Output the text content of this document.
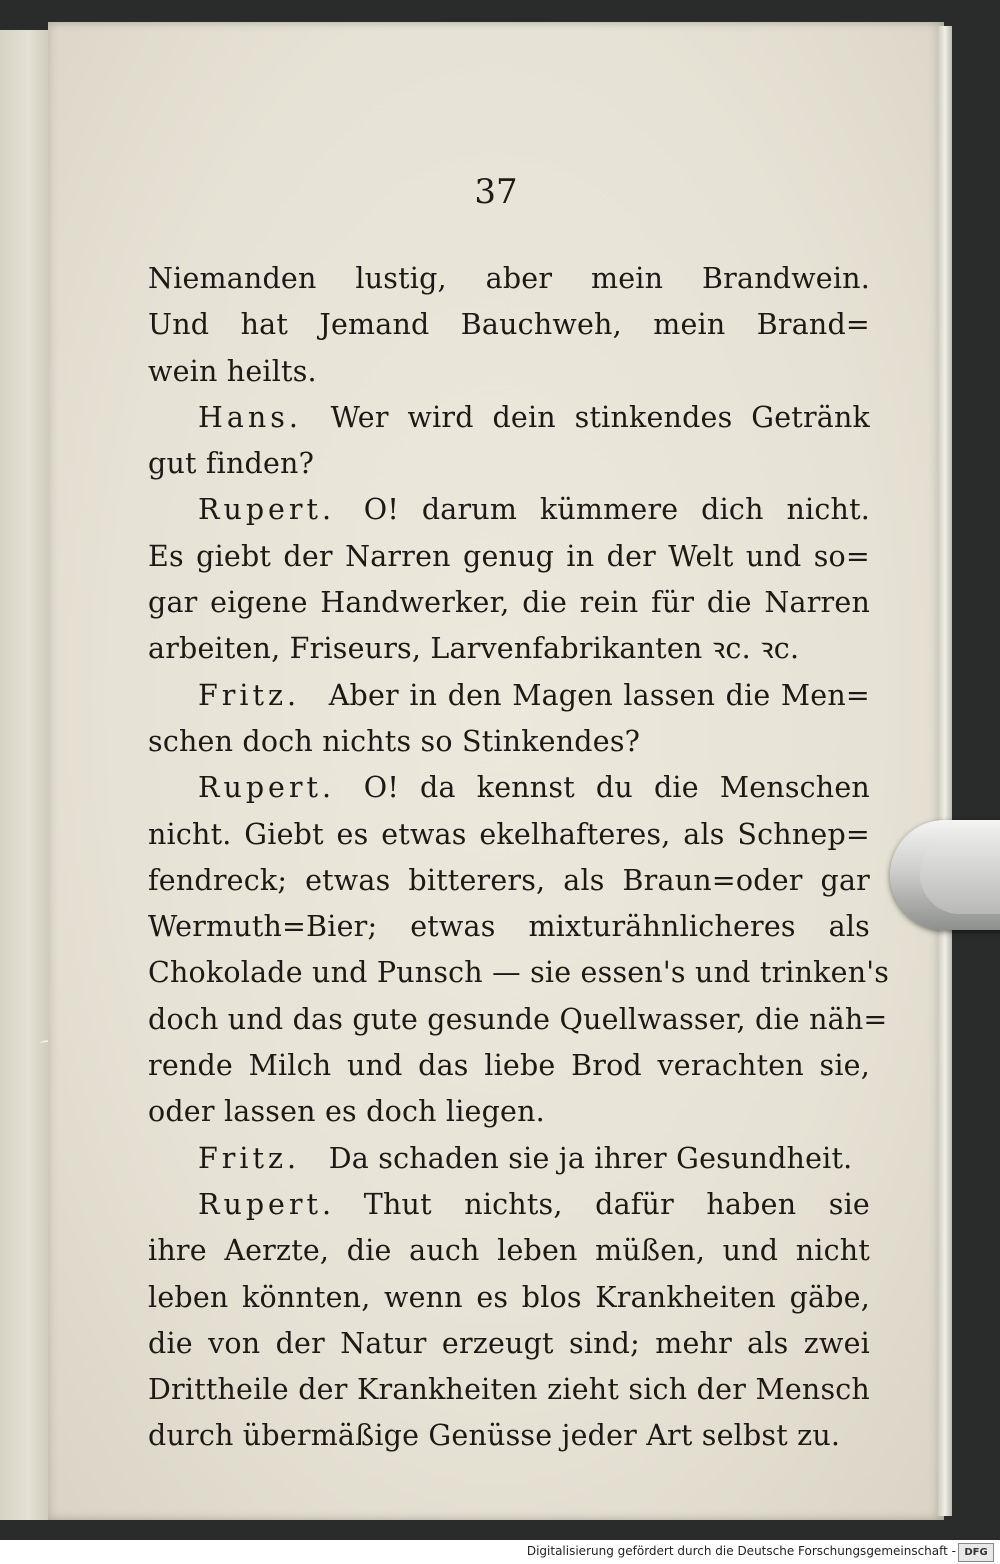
37
Niemanden lustig, aber mein Brandwein.
Und hat Jemand Bauchweh, mein Brand=
wein heilts.
Hans.  Wer wird dein stinkendes Getränk
gut finden?
Rupert.  O! darum kümmere dich nicht.
Es giebt der Narren genug in der Welt und so=
gar eigene Handwerker, die rein für die Narren
arbeiten, Friseurs, Larvenfabrikanten ꝛc. ꝛc.
Fritz.  Aber in den Magen lassen die Men=
schen doch nichts so Stinkendes?
Rupert.  O! da kennst du die Menschen
nicht. Giebt es etwas ekelhafteres, als Schnep=
fendreck; etwas bitterers, als Braun=oder gar
Wermuth=Bier; etwas mixturähnlicheres als
Chokolade und Punsch — sie essen's und trinken's
doch und das gute gesunde Quellwasser, die näh=
rende Milch und das liebe Brod verachten sie,
oder lassen es doch liegen.
Fritz.  Da schaden sie ja ihrer Gesundheit.
Rupert.  Thut nichts, dafür haben sie
ihre Aerzte, die auch leben müßen, und nicht
leben könnten, wenn es blos Krankheiten gäbe,
die von der Natur erzeugt sind; mehr als zwei
Drittheile der Krankheiten zieht sich der Mensch
durch übermäßige Genüsse jeder Art selbst zu.
Digitalisierung gefördert durch die Deutsche Forschungsgemeinschaft - DFG
